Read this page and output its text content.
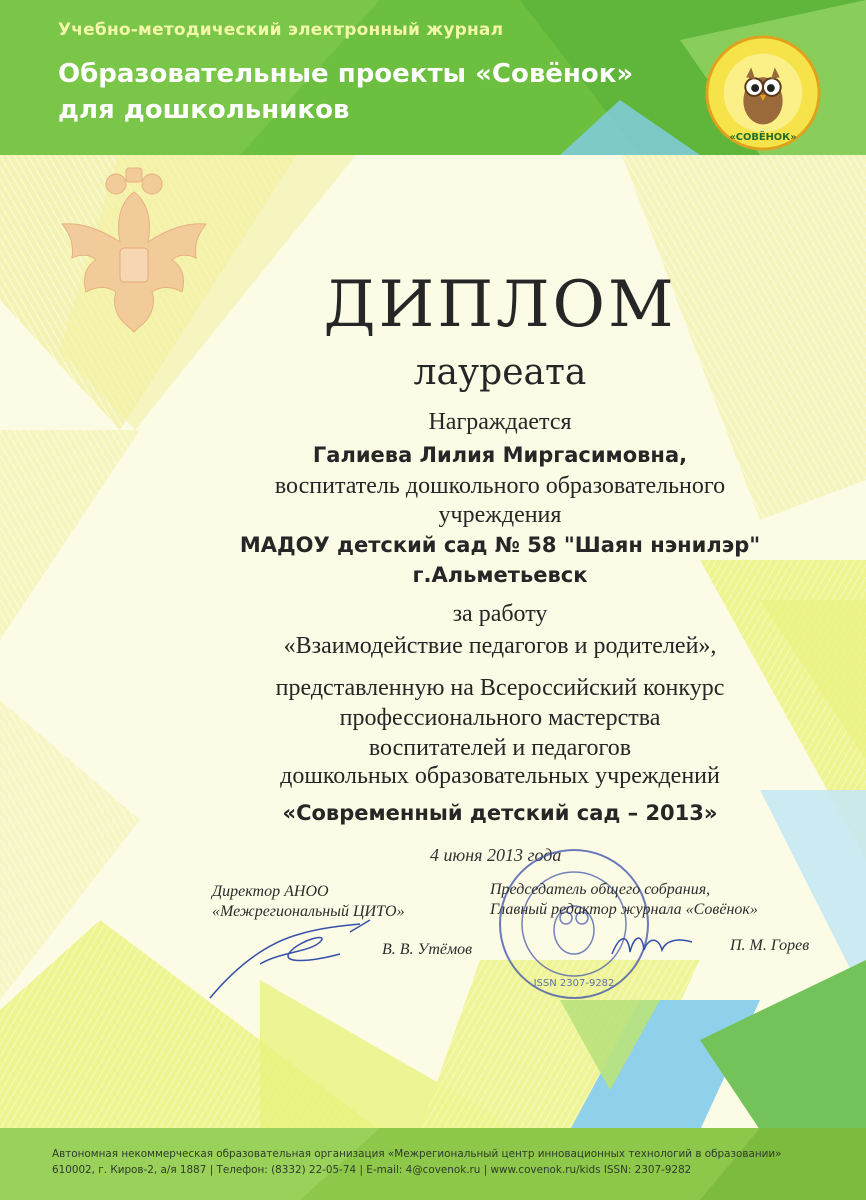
Учебно-методический электронный журнал
Образовательные проекты «Совёнок»
для дошкольников
«СОВЁНОК»
ДИПЛОМ
лауреата
Награждается
Галиева Лилия Миргасимовна,
воспитатель дошкольного образовательного
учреждения
МАДОУ детский сад № 58 "Шаян нэнилэр"
г.Альметьевск
за работу
«Взаимодействие педагогов и родителей»,
представленную на Всероссийский конкурс
профессионального мастерства
воспитателей и педагогов
дошкольных образовательных учреждений
«Современный детский сад – 2013»
4 июня 2013 года
ISSN 2307-9282
Директор АНОО
«Межрегиональный ЦИТО»
В. В. Утёмов
Председатель общего собрания,
Главный редактор журнала «Совёнок»
П. М. Горев
Автономная некоммерческая образовательная организация «Межрегиональный центр инновационных технологий в образовании»
610002, г. Киров-2, а/я 1887 | Телефон: (8332) 22-05-74 | E-mail: 4@covenok.ru | www.covenok.ru/kids ISSN: 2307-9282
